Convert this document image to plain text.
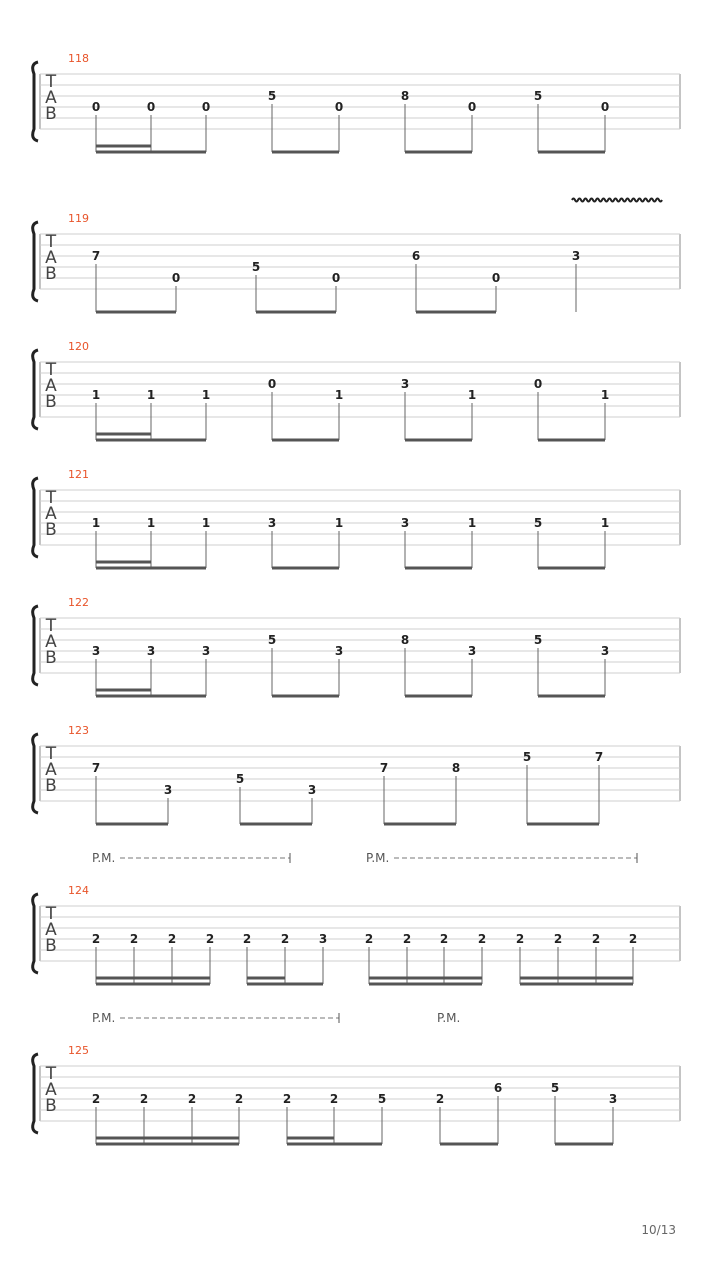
T
A
B
118
0	0	0
5
0
8
0
5
0
T
A
B
119
7
0
5
0
6
0
3
T
A
B
120
1	1	1
0
1
3
1
0
1
T
A
B
121
1	1	1	3	1	3	1	5	1
T
A
B
122
3	3	3
5
3
8
3
5
3
T
A
B
123
7
3
5
3
7	8
5	7
T
A
B
124
P.M.	P.M.
2 2 2 2 2 2 3	2 2 2 2 2 2 2 2
T
A
B
125
P.M.	P.M.
2	2	2	2	2	2	5	2
6	5
3
10/13
